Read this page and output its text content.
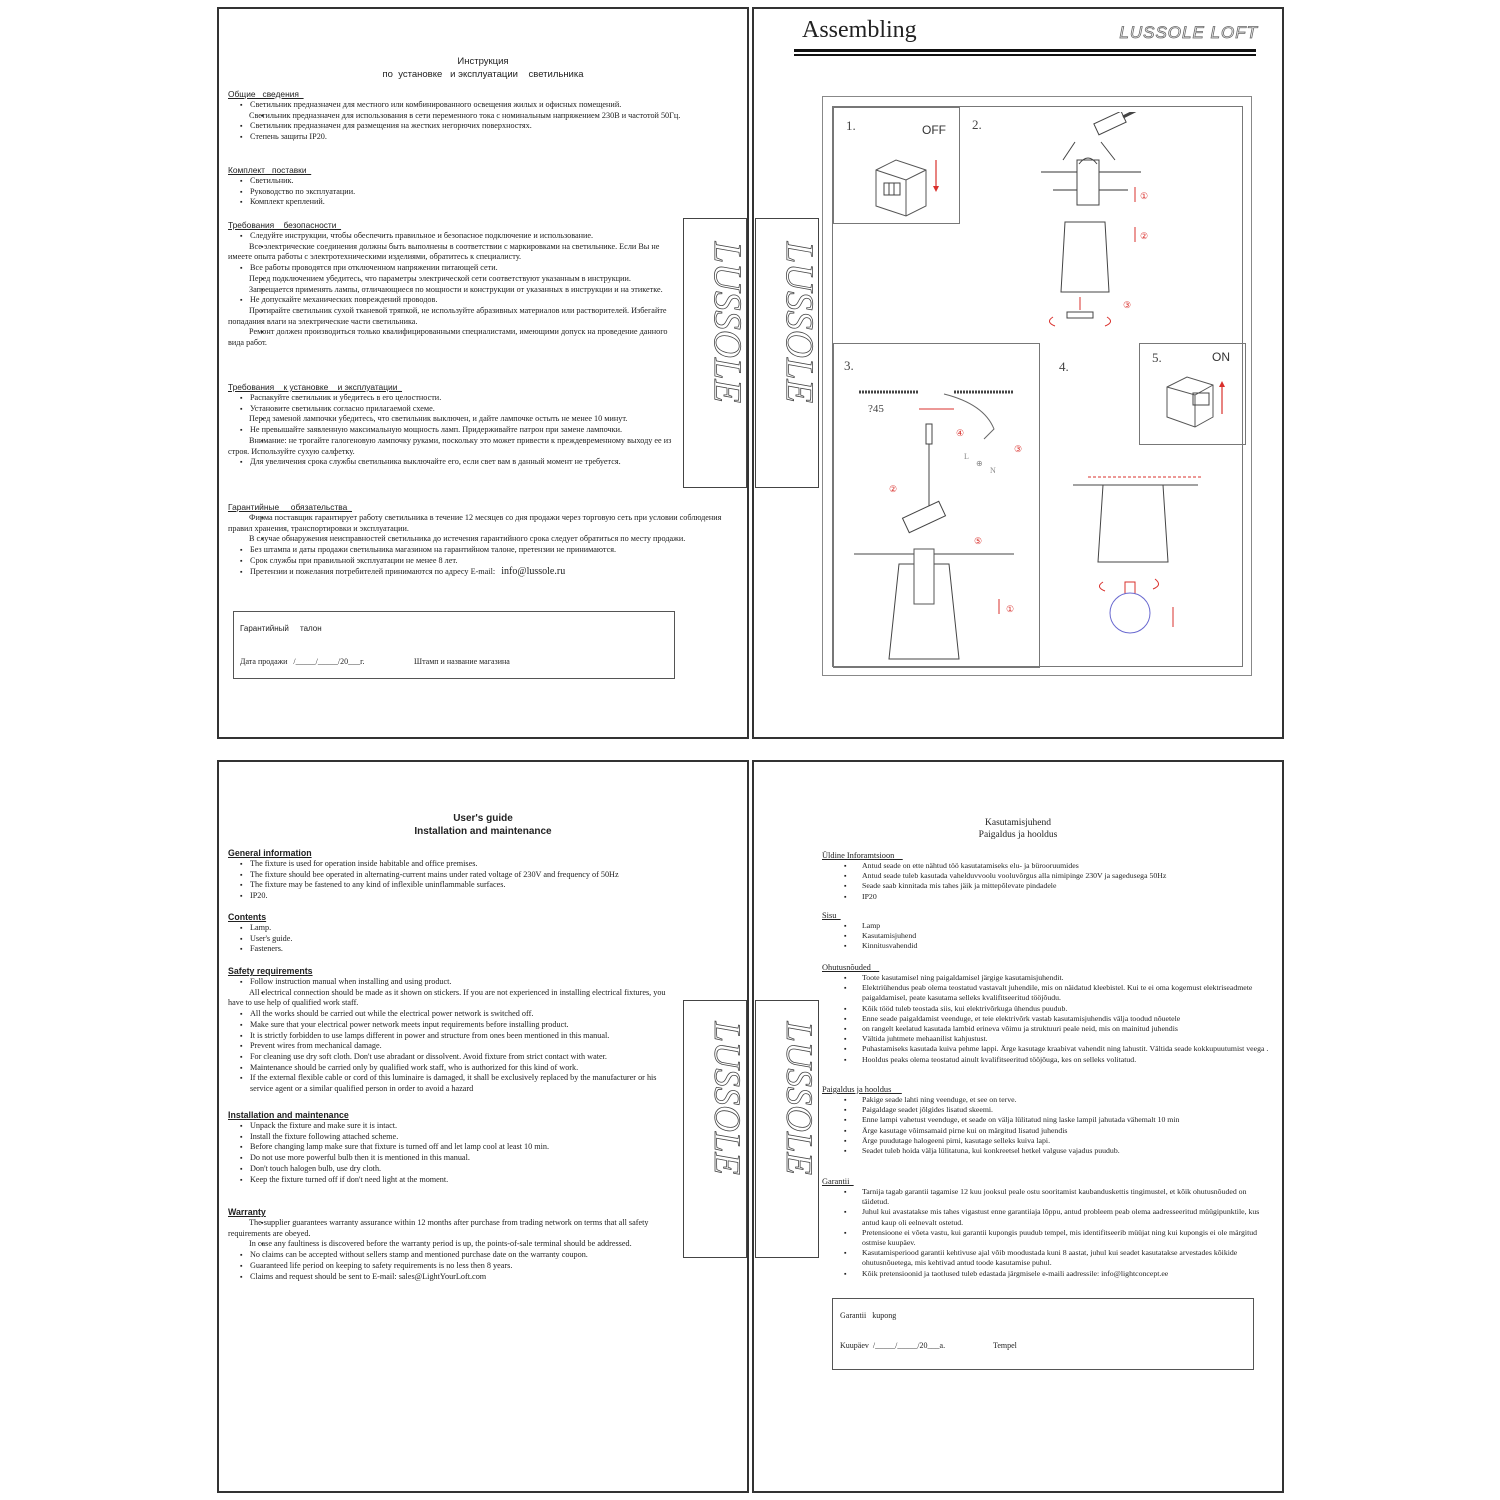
Инструкция
по  установке   и эксплуатации    светильника
Общие   сведения
▪ Светильник предназначен для местного или комбинированного освещения жилых и офисных помещений.
▪ Светильник предназначен для использования в сети переменного тока с номинальным напряжением 230В и частотой 50Гц.
▪ Светильник предназначен для размещения на жестких негорючих поверхностях.
▪ Степень защиты IP20.
Комплект   поставки
▪ Светильник.
▪ Руководство по эксплуатации.
▪ Комплект креплений.
Требования    безопасности
▪ Следуйте инструкции, чтобы обеспечить правильное и безопасное подключение и использование.
▪ Все электрические соединения должны быть выполнены в соответствии с маркировками на светильнике. Если Вы не имеете опыта работы с электротехническими изделиями, обратитесь к специалисту.
▪ Все работы проводятся при отключенном напряжении питающей сети.
▪ Перед подключением убедитесь, что параметры электрической сети соответствуют указанным в инструкции.
▪ Запрещается применять лампы, отличающиеся по мощности и конструкции от указанных в инструкции и на этикетке.
▪ Не допускайте механических повреждений проводов.
▪ Протирайте светильник сухой тканевой тряпкой, не используйте абразивных материалов или растворителей. Избегайте попадания влаги на электрические части светильника.
▪ Ремонт должен производиться только квалифицированными специалистами, имеющими допуск на проведение данного вида работ.
Требования    к установке    и эксплуатации
▪ Распакуйте светильник и убедитесь в его целостности.
▪ Установите светильник согласно прилагаемой схеме.
▪ Перед заменой лампочки убедитесь, что светильник выключен, и дайте лампочке остыть не менее 10 минут.
▪ Не превышайте заявленную максимальную мощность ламп. Придерживайте патрон при замене лампочки.
▪ Внимание: не трогайте галогеновую лампочку руками, поскольку это может привести к преждевременному выходу ее из строя. Используйте сухую салфетку.
▪ Для увеличения срока службы светильника выключайте его, если свет вам в данный момент не требуется.
Гарантийные     обязательства
▪ Фирма поставщик гарантирует работу светильника в течение 12 месяцев со дня продажи через торговую сеть при условии соблюдения правил хранения, транспортировки и эксплуатации.
▪ В случае обнаружения неисправностей светильника до истечения гарантийного срока следует обратиться по месту продажи.
▪ Без штампа и даты продажи светильника магазином на гарантийном талоне, претензии не принимаются.
▪ Срок службы при правильной эксплуатации не менее 8 лет.
▪ Претензии и пожелания потребителей принимаются по адресу E-mail:   info@lussole.ru
Гарантийный     талон
Дата продажи   /_____/_____/20___г.	Штамп и название магазина
Assembling	LUSSOLE LOFT
1.	OFF 2.
①
②
③
3.
?45
④
L
⊕
N
③
②
⑤
①
4.
5.	ON
LUSSOLE LUSSOLE
User's guide
Installation and maintenance
General information
▪ The fixture is used for operation inside habitable and office premises.
▪ The fixture should bee operated in alternating-current mains under rated voltage of 230V and frequency of 50Hz
▪ The fixture may be fastened to any kind of inflexible uninflammable surfaces.
▪ IP20.
Contents
▪ Lamp.
▪ User's guide.
▪ Fasteners.
Safety requirements
▪ Follow instruction manual when installing and using product.
▪ All electrical connection should be made as it shown on stickers. If you are not experienced in installing electrical fixtures, you have to use help of qualified work staff.
▪ All the works should be carried out while the electrical power network is switched off.
▪ Make sure that your electrical power network meets input requirements before installing product.
▪ It is strictly forbidden to use lamps different in power and structure from ones been mentioned in this manual.
▪ Prevent wires from mechanical damage.
▪ For cleaning use dry soft cloth. Don't use abradant or dissolvent. Avoid fixture from strict contact with water.
▪ Maintenance should be carried only by qualified work staff, who is authorized for this kind of work.
▪ If the external flexible cable or cord of this luminaire is damaged, it shall be exclusively replaced by the manufacturer or his service agent or a similar qualified person in order to avoid a hazard
Installation and maintenance
▪ Unpack the fixture and make sure it is intact.
▪ Install the fixture following attached scheme.
▪ Before changing lamp make sure that fixture is turned off and let lamp cool at least 10 min.
▪ Do not use more powerful bulb then it is mentioned in this manual.
▪ Don't touch halogen bulb, use dry cloth.
▪ Keep the fixture turned off if don't need light at the moment.
Warranty
▪ The supplier guarantees warranty assurance within 12 months after purchase from trading network on terms that all safety requirements are obeyed.
▪ In case any faultiness is discovered before the warranty period is up, the points-of-sale terminal should be addressed.
▪ No claims can be accepted without sellers stamp and mentioned purchase date on the warranty coupon.
▪ Guaranteed life period on keeping to safety requirements is no less then 8 years.
▪ Claims and request should be sent to E-mail: sales@LightYourLoft.com
Kasutamisjuhend
Paigaldus ja hooldus
Üldine Inforamtsioon
▪ Antud seade on ette nähtud töö kasutatamiseks elu- ja bürooruumides
▪ Antud seade tuleb kasutada vahelduvvoolu vooluvõrgus alla nimipinge 230V ja sagedusega 50Hz
▪ Seade saab kinnitada mis tahes jäik ja mittepõlevate pindadele
▪ IP20
Sisu
▪ Lamp
▪ Kasutamisjuhend
▪ Kinnitusvahendid
Ohutusnõuded
▪ Toote kasutamisel ning paigaldamisel järgige kasutamisjuhendit.
▪ Elektriühendus peab olema teostatud vastavalt juhendile, mis on näidatud kleebistel. Kui te ei oma kogemust elektriseadmete paigaldamisel, peate kasutama selleks kvalifitseeritud tööjõudu.
▪ Kõik tööd tuleb teostada siis, kui elektrivõrkuga ühendus puudub.
▪ Enne seade paigaldamist veenduge, et teie elektrivõrk vastab kasutamisjuhendis välja toodud nõuetele
▪ on rangelt keelatud kasutada lambid erineva võimu ja struktuuri peale neid, mis on mainitud juhendis
▪ Vältida juhtmete mehaanilist kahjustust.
▪ Puhastamiseks kasutada kuiva pehme lappi. Ärge kasutage kraabivat vahendit ning lahustit. Vältida seade kokkupuutumist veega .
▪ Hooldus peaks olema teostatud ainult kvalifitseeritud tööjõuga, kes on selleks volitatud.
Paigaldus ja hooldus
▪ Pakige seade lahti ning veenduge, et see on terve.
▪ Paigaldage seadet jõlgides lisatud skeemi.
▪ Enne lampi vahetust veenduge, et seade on välja lülitatud ning laske lampil jahutada vähemalt 10 min
▪ Ärge kasutage võimsamaid pirne kui on märgitud lisatud juhendis
▪ Ärge puudutage halogeeni pirni, kasutage selleks kuiva lapi.
▪ Seadet tuleb hoida välja lülitatuna, kui konkreetsel hetkel valguse vajadus puudub.
Garantii
▪ Tarnija tagab garantii tagamise 12 kuu jooksul peale ostu sooritamist kaubanduskettis tingimustel, et kõik ohutusnõuded on täidetud.
▪ Juhul kui avastatakse mis tahes vigastust enne garantiiaja lõppu, antud probleem peab olema aadresseeritud müügipunktile, kus antud kaup oli eelnevalt ostetud.
▪ Pretensioone ei võeta vastu, kui garantii kupongis puudub tempel, mis identifitseerib müüjat ning kui kupongis ei ole märgitud ostmise kuupäev.
▪ Kasutamisperiood garantii kehtivuse ajal võib moodustada kuni 8 aastat, juhul kui seadet kasutatakse arvestades kõikide ohutusnõuetega, mis kehtivad antud toode kasutamise puhul.
▪ Kõik pretensioonid ja taotlused tuleb edastada järgmisele e-maili aadressile: info@lightconcept.ee
Garantii   kupong
Kuupäev  /_____/_____/20___a.	Tempel
LUSSOLE LUSSOLE
